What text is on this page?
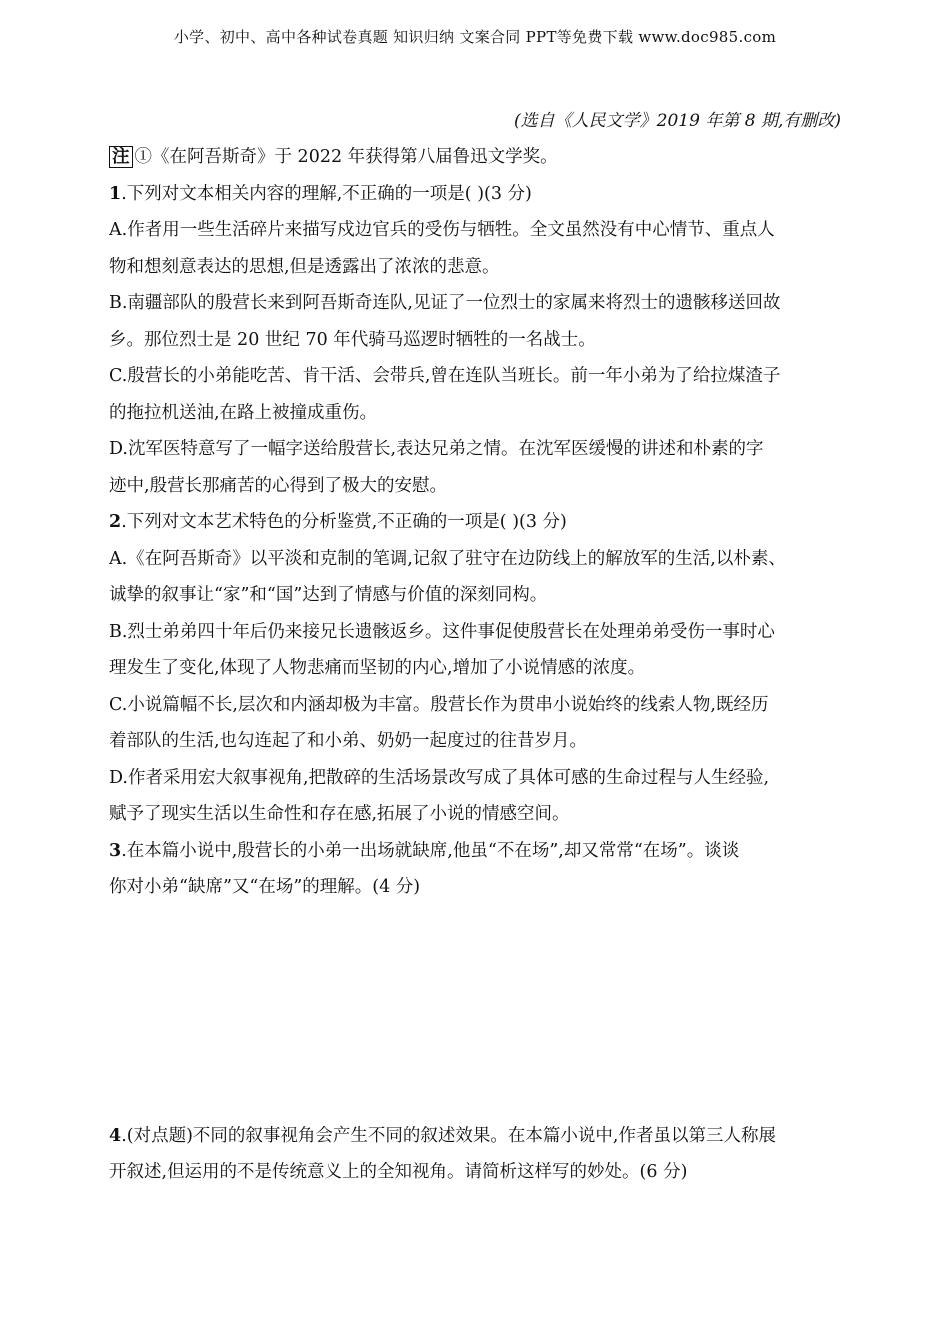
小学、初中、高中各种试卷真题 知识归纳 文案合同 PPT等免费下载 www.doc985.com
(选自《人民文学》2019 年第 8 期,有删改)
注 ①《在阿吾斯奇》于 2022 年获得第八届鲁迅文学奖。
1.下列对文本相关内容的理解,不正确的一项是( )(3 分)
A.作者用一些生活碎片来描写戍边官兵的受伤与牺牲。全文虽然没有中心情节、重点人
物和想刻意表达的思想,但是透露出了浓浓的悲意。
B.南疆部队的殷营长来到阿吾斯奇连队,见证了一位烈士的家属来将烈士的遗骸移送回故
乡。那位烈士是 20 世纪 70 年代骑马巡逻时牺牲的一名战士。
C.殷营长的小弟能吃苦、肯干活、会带兵,曾在连队当班长。前一年小弟为了给拉煤渣子
的拖拉机送油,在路上被撞成重伤。
D.沈军医特意写了一幅字送给殷营长,表达兄弟之情。在沈军医缓慢的讲述和朴素的字
迹中,殷营长那痛苦的心得到了极大的安慰。
2.下列对文本艺术特色的分析鉴赏,不正确的一项是( )(3 分)
A.《在阿吾斯奇》以平淡和克制的笔调,记叙了驻守在边防线上的解放军的生活,以朴素、
诚挚的叙事让“家”和“国”达到了情感与价值的深刻同构。
B.烈士弟弟四十年后仍来接兄长遗骸返乡。这件事促使殷营长在处理弟弟受伤一事时心
理发生了变化,体现了人物悲痛而坚韧的内心,增加了小说情感的浓度。
C.小说篇幅不长,层次和内涵却极为丰富。殷营长作为贯串小说始终的线索人物,既经历
着部队的生活,也勾连起了和小弟、奶奶一起度过的往昔岁月。
D.作者采用宏大叙事视角,把散碎的生活场景改写成了具体可感的生命过程与人生经验,
赋予了现实生活以生命性和存在感,拓展了小说的情感空间。
3.在本篇小说中,殷营长的小弟一出场就缺席,他虽“不在场”,却又常常“在场”。谈谈
你对小弟“缺席”又“在场”的理解。(4 分)
4.(对点题)不同的叙事视角会产生不同的叙述效果。在本篇小说中,作者虽以第三人称展
开叙述,但运用的不是传统意义上的全知视角。请简析这样写的妙处。(6 分)
